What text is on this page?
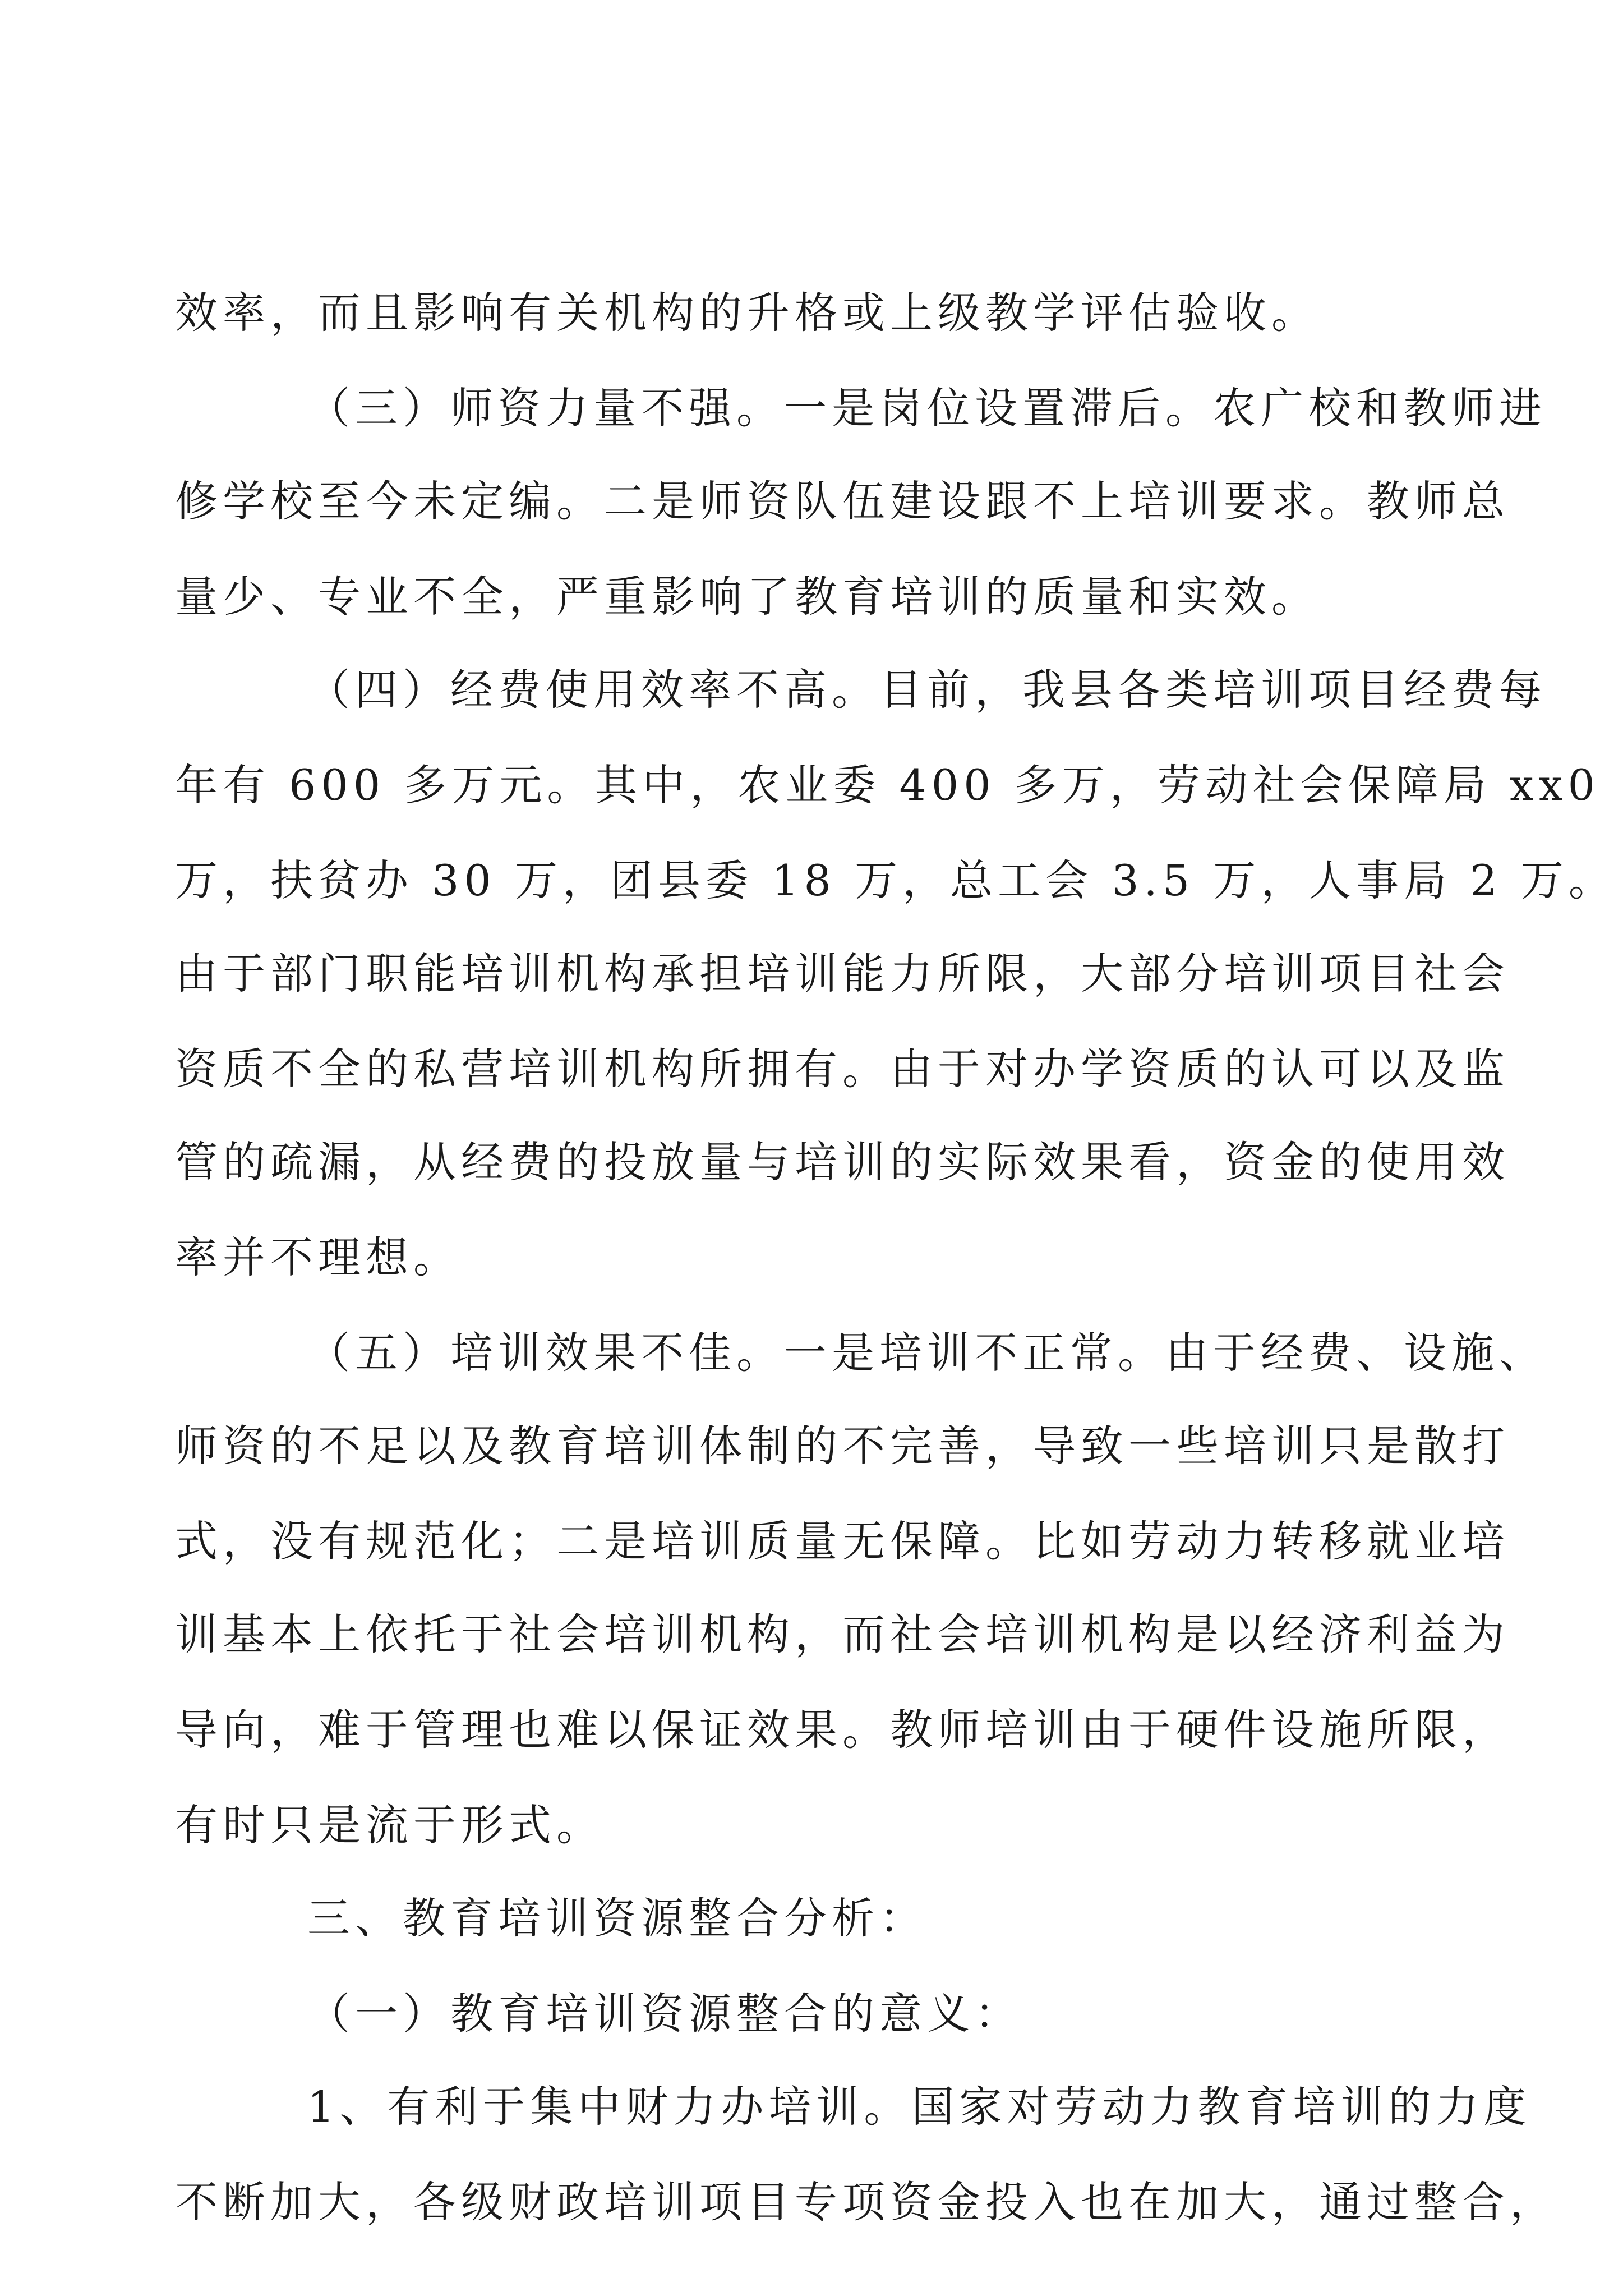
效率，而且影响有关机构的升格或上级教学评估验收。
（三）师资力量不强。一是岗位设置滞后。农广校和教师进
修学校至今未定编。二是师资队伍建设跟不上培训要求。教师总
量少、专业不全，严重影响了教育培训的质量和实效。
（四）经费使用效率不高。目前，我县各类培训项目经费每
年有 600 多万元。其中，农业委 400 多万，劳动社会保障局 xx0
万，扶贫办 30 万，团县委 18 万，总工会 3.5 万，人事局 2 万。
由于部门职能培训机构承担培训能力所限，大部分培训项目社会
资质不全的私营培训机构所拥有。由于对办学资质的认可以及监
管的疏漏，从经费的投放量与培训的实际效果看，资金的使用效
率并不理想。
（五）培训效果不佳。一是培训不正常。由于经费、设施、
师资的不足以及教育培训体制的不完善，导致一些培训只是散打
式，没有规范化；二是培训质量无保障。比如劳动力转移就业培
训基本上依托于社会培训机构，而社会培训机构是以经济利益为
导向，难于管理也难以保证效果。教师培训由于硬件设施所限，
有时只是流于形式。
三、教育培训资源整合分析：
（一）教育培训资源整合的意义：
1、有利于集中财力办培训。国家对劳动力教育培训的力度
不断加大，各级财政培训项目专项资金投入也在加大，通过整合，
